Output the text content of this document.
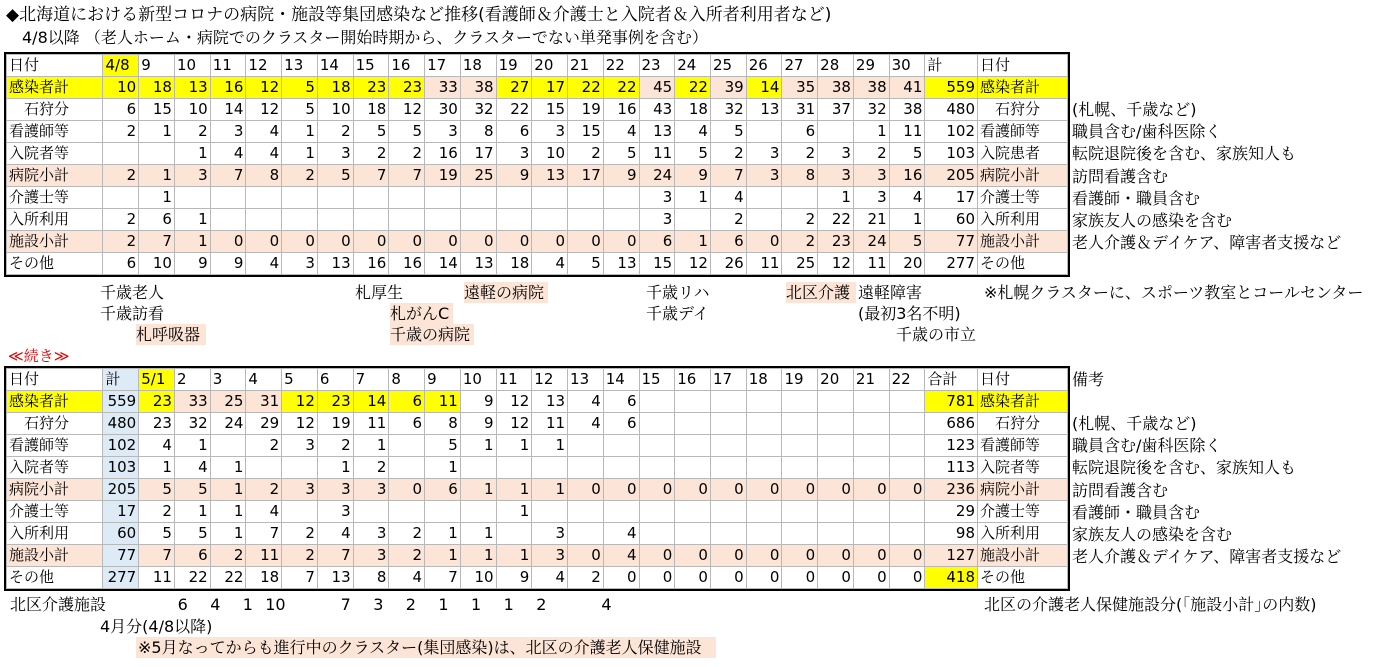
◆北海道における新型コロナの病院・施設等集団感染など推移(看護師＆介護士と入院者＆入所者利用者など)
4/8以降 （老人ホーム・病院でのクラスター開始時期から、クラスターでない単発事例を含む）
日付	4/8	9	10	11	12	13	14	15	16	17	18	19	20	21	22	23	24	25	26	27	28	29	30	計	日付
感染者計	10	18	13	16	12	5	18	23	23	33	38	27	17	22	22	45	22	39	14	35	38	38	41	559	感染者計
　石狩分	6	15	10	14	12	5	10	18	12	30	32	22	15	19	16	43	18	32	13	31	37	32	38	480	　石狩分
看護師等	2	1	2	3	4	1	2	5	5	3	8	6	3	15	4	13	4	5		6		1	11	102	看護師等
入院者等			1	4	4	1	3	2	2	16	17	3	10	2	5	11	5	2	3	2	3	2	5	103	入院患者
病院小計	2	1	3	7	8	2	5	7	7	19	25	9	13	17	9	24	9	7	3	8	3	3	16	205	病院小計
介護士等		1														3	1	4			1	3	4	17	介護士等
入所利用	2	6	1													3		2		2	22	21	1	60	入所利用
施設小計	2	7	1	0	0	0	0	0	0	0	0	0	0	0	0	6	1	6	0	2	23	24	5	77	施設小計
その他	6	10	9	9	4	3	13	16	16	14	13	18	4	5	13	15	12	26	11	25	12	11	20	277	その他
(札幌、千歳など)
職員含む/歯科医除く
転院退院後を含む、家族知人も
訪問看護含む
看護師・職員含む
家族友人の感染を含む
老人介護＆デイケア、障害者支援など
千歳老人
千歳訪看
札呼吸器
札厚生
札がんC
千歳の病院
遠軽の病院	千歳リハ
千歳デイ
北区介護 遠軽障害
(最初3名不明)
千歳の市立
※札幌クラスターに、スポーツ教室とコールセンター
≪続き≫
備考
日付	計	5/1	2	3	4	5	6	7	8	9	10	11	12	13	14	15	16	17	18	19	20	21	22	合計	日付
感染者計	559	23	33	25	31	12	23	14	6	11	9	12	13	4	6									781	感染者計
　石狩分	480	23	32	24	29	12	19	11	6	8	9	12	11	4	6									686	　石狩分
看護師等	102	4	1		2	3	2	1		5	1	1	1											123	看護師等
入院者等	103	1	4	1			1	2		1														113	入院者等
病院小計	205	5	5	1	2	3	3	3	0	6	1	1	1	0	0	0	0	0	0	0	0	0	0	236	病院小計
介護士等	17	2	1	1	4		3					1												29	介護士等
入所利用	60	5	5	1	7	2	4	3	2	1	1		3		4									98	入所利用
施設小計	77	7	6	2	11	2	7	3	2	1	1	1	3	0	4	0	0	0	0	0	0	0	0	127	施設小計
その他	277	11	22	22	18	7	13	8	4	7	10	9	4	2	0	0	0	0	0	0	0	0	0	418	その他
(札幌、千歳など)
職員含む/歯科医除く
転院退院後を含む、家族知人も
訪問看護含む
看護師・職員含む
家族友人の感染を含む
老人介護＆デイケア、障害者支援など
北区介護施設	6	4	1 10	7	3	2	1	1	1	2	4	北区の介護老人保健施設分(｢施設小計｣の内数)
4月分(4/8以降)
※5月なってからも進行中のクラスター(集団感染)は、北区の介護老人保健施設
